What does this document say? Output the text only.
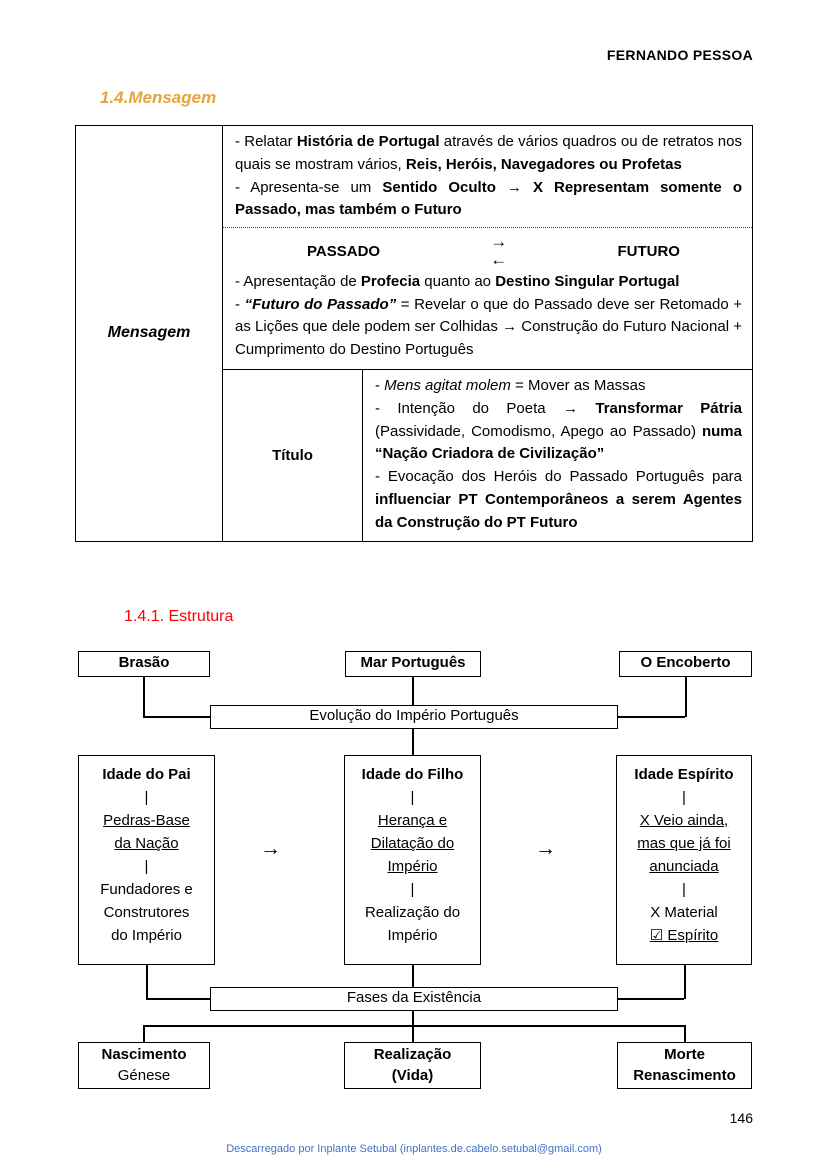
FERNANDO PESSOA
1.4.Mensagem
Mensagem
- Relatar História de Portugal através de vários quadros ou de retratos nos quais se mostram vários, Reis, Heróis, Navegadores ou Profetas
- Apresenta-se um Sentido Oculto → X Representam somente o Passado, mas também o Futuro
PASSADO	→
←	FUTURO
- Apresentação de Profecia quanto ao Destino Singular Portugal
- “Futuro do Passado” = Revelar o que do Passado deve ser Retomado + as Lições que dele podem ser Colhidas → Construção do Futuro Nacional + Cumprimento do Destino Português
Título
- Mens agitat molem = Mover as Massas
- Intenção do Poeta → Transformar Pátria (Passividade, Comodismo, Apego ao Passado) numa “Nação Criadora de Civilização”
- Evocação dos Heróis do Passado Português para influenciar PT Contemporâneos a serem Agentes da Construção do PT Futuro
1.4.1. Estrutura
Brasão	Mar Português	O Encoberto
Evolução do Império Português
Idade do Pai
|
Pedras-Base
da Nação
|
Fundadores e
Construtores
do Império
→
Idade do Filho
|
Herança e
Dilatação do
Império
|
Realização do
Império
→
Idade Espírito
|
X Veio ainda,
mas que já foi
anunciada
|
X Material
☑ Espírito
Fases da Existência
Nascimento
Génese
Realização
(Vida)
Morte
Renascimento
146
Descarregado por Inplante Setubal (inplantes.de.cabelo.setubal@gmail.com)
